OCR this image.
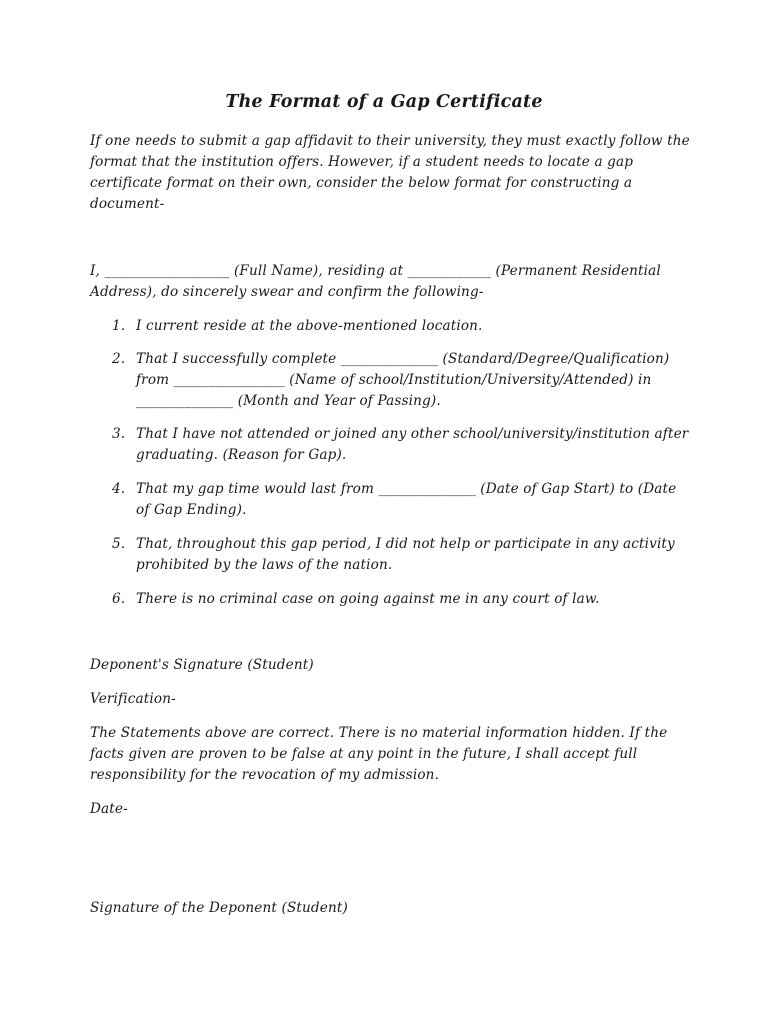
The Format of a Gap Certificate

If one needs to submit a gap affidavit to their university, they must exactly follow the format that the institution offers. However, if a student needs to locate a gap certificate format on their own, consider the below format for constructing a document-

I, __________________ (Full Name), residing at ____________ (Permanent Residential Address), do sincerely swear and confirm the following-

1. I current reside at the above-mentioned location.
2. That I successfully complete ______________ (Standard/Degree/Qualification) from ________________ (Name of school/Institution/University/Attended) in ______________ (Month and Year of Passing).
3. That I have not attended or joined any other school/university/institution after graduating. (Reason for Gap).
4. That my gap time would last from ______________ (Date of Gap Start) to (Date of Gap Ending).
5. That, throughout this gap period, I did not help or participate in any activity prohibited by the laws of the nation.
6. There is no criminal case on going against me in any court of law.

Deponent's Signature (Student)

Verification-

The Statements above are correct. There is no material information hidden. If the facts given are proven to be false at any point in the future, I shall accept full responsibility for the revocation of my admission.

Date-

Signature of the Deponent (Student)
